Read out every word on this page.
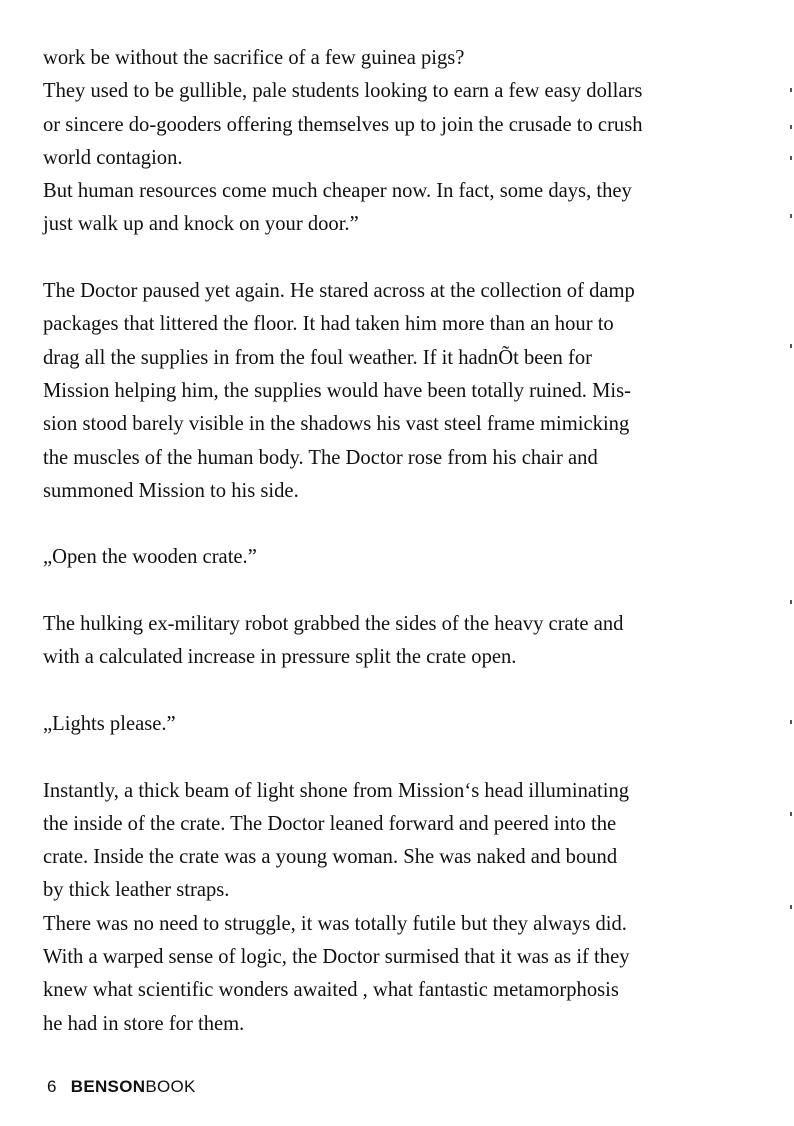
work be without the sacrifice of a few guinea pigs?
They used to be gullible, pale students looking to earn a few easy dollars
or sincere do-gooders offering themselves up to join the crusade to crush
world contagion.
But human resources come much cheaper now. In fact, some days, they
just walk up and knock on your door.”

The Doctor paused yet again. He stared across at the collection of damp
packages that littered the floor. It had taken him more than an hour to
drag all the supplies in from the foul weather. If it hadnÕt been for
Mission helping him, the supplies would have been totally ruined. Mis-
sion stood barely visible in the shadows his vast steel frame mimicking
the muscles of the human body. The Doctor rose from his chair and
summoned Mission to his side.

„Open the wooden crate.”

The hulking ex-military robot grabbed the sides of the heavy crate and
with a calculated increase in pressure split the crate open.

„Lights please.”

Instantly, a thick beam of light shone from Mission‘s head illuminating
the inside of the crate. The Doctor leaned forward and peered into the
crate. Inside the crate was a young woman. She was naked and bound
by thick leather straps.
There was no need to struggle, it was totally futile but they always did.
With a warped sense of logic, the Doctor surmised that it was as if they
knew what scientific wonders awaited , what fantastic metamorphosis
he had in store for them.

6 BENSONBOOK
